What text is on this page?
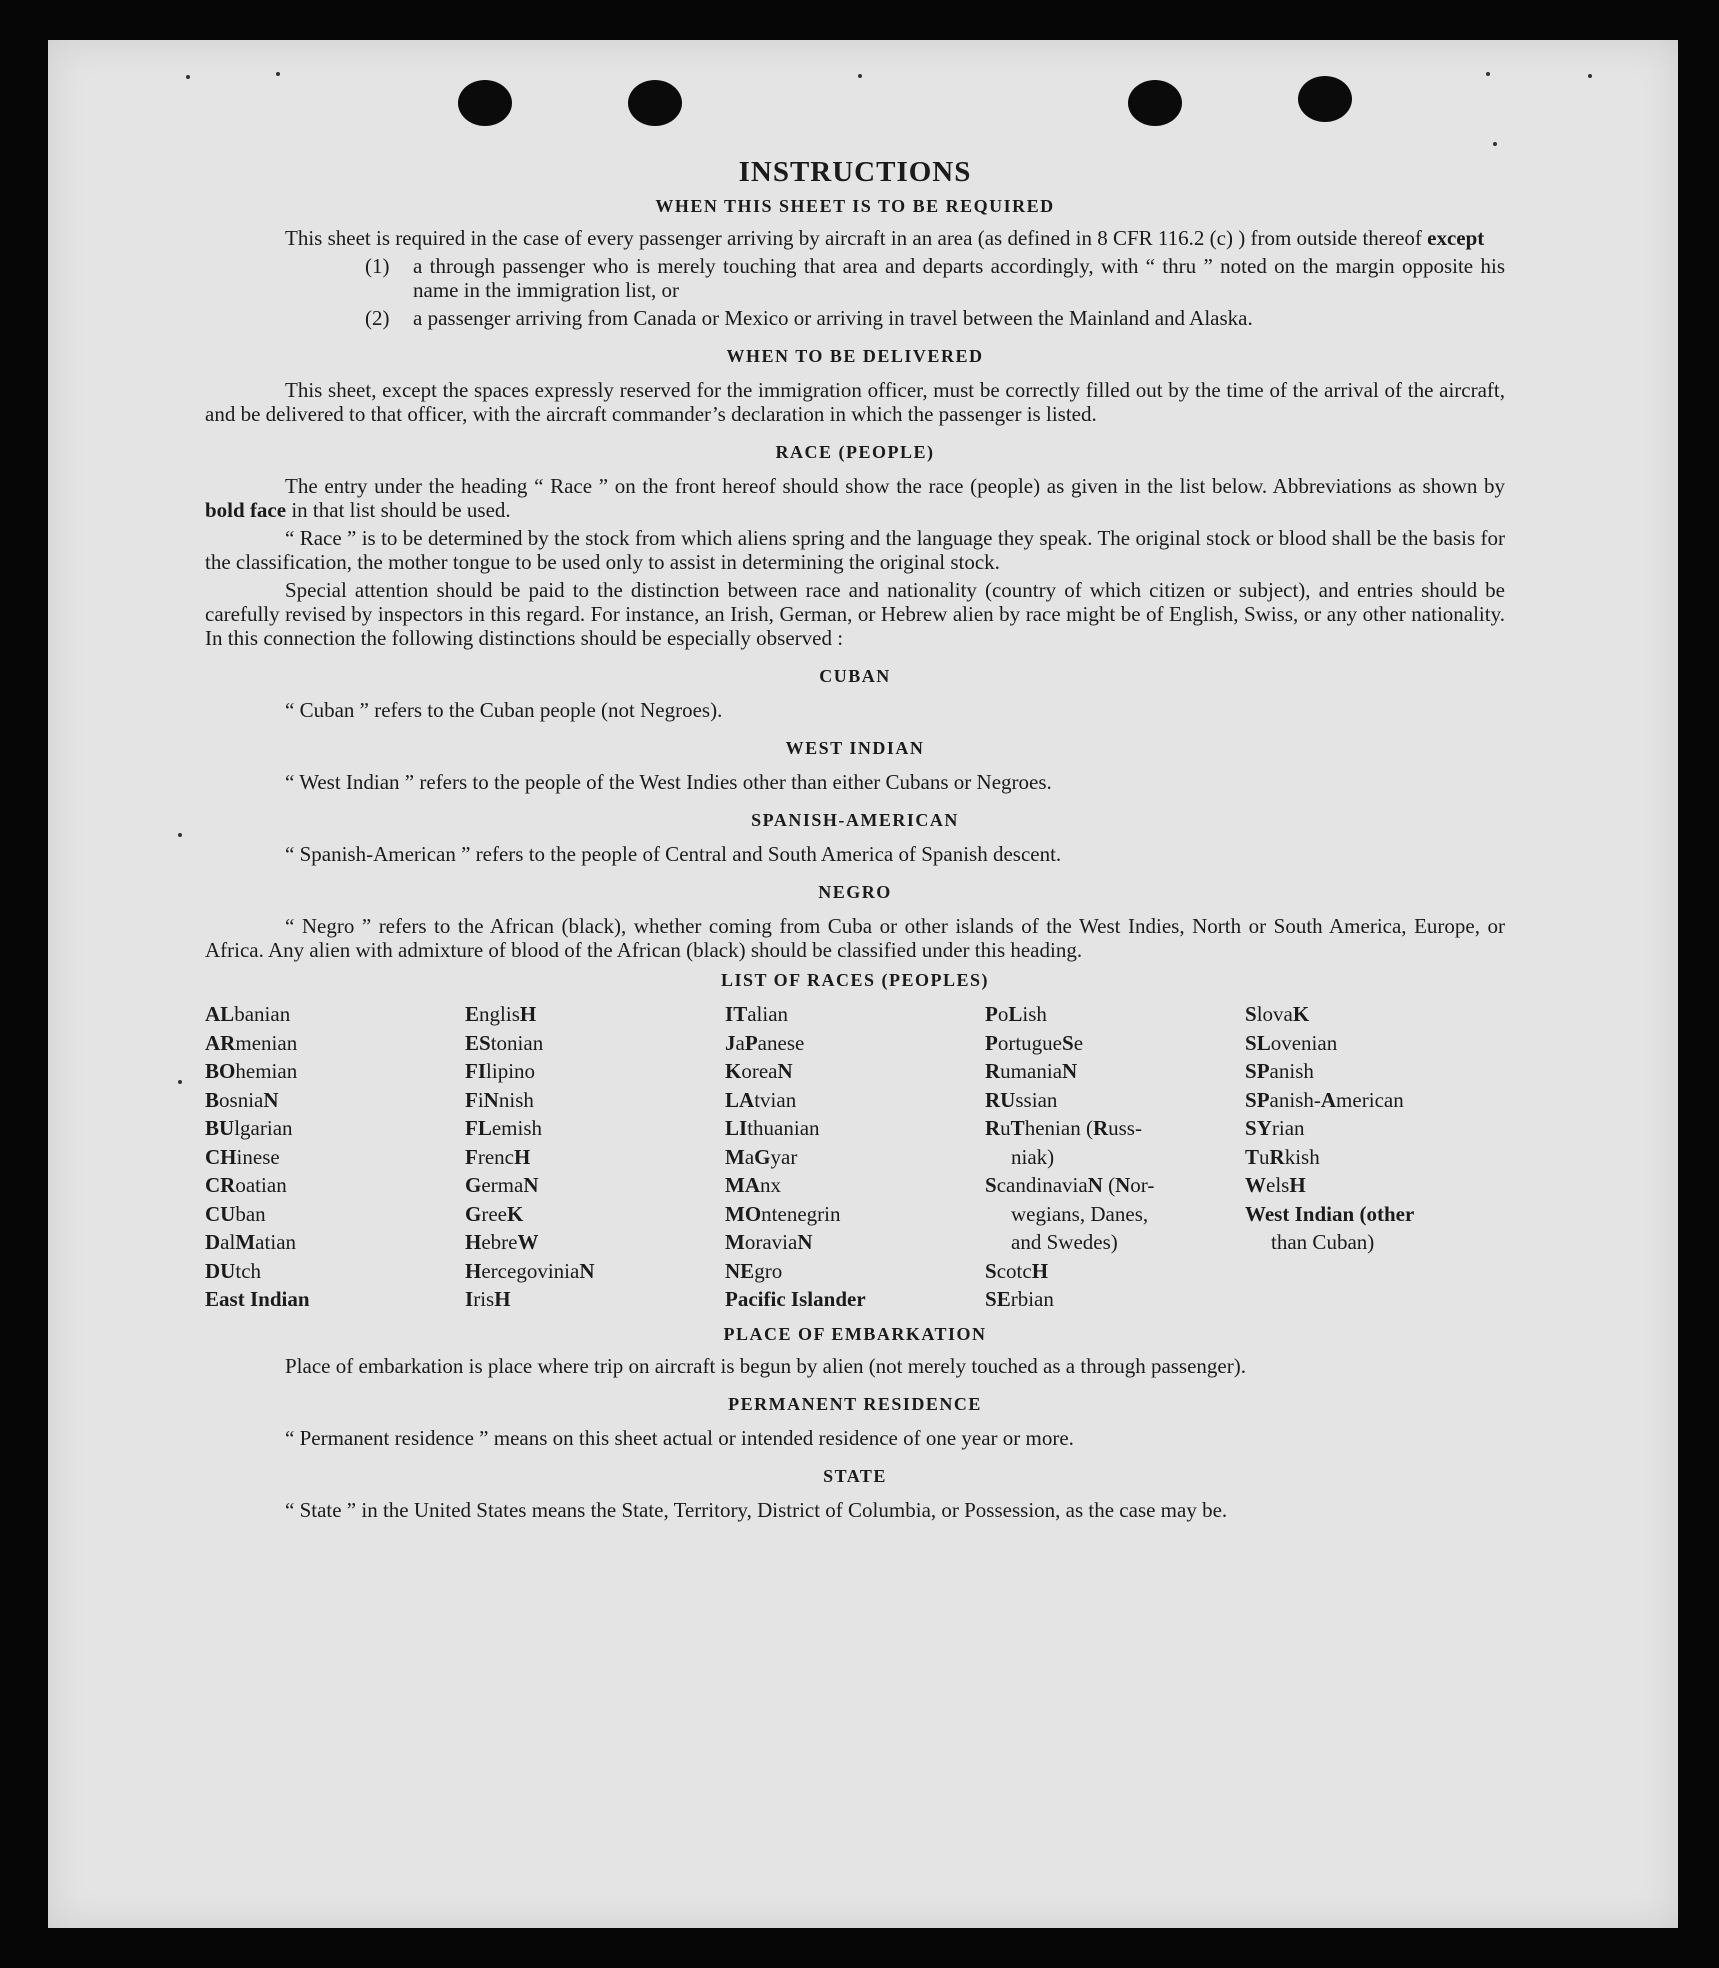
INSTRUCTIONS
WHEN THIS SHEET IS TO BE REQUIRED

This sheet is required in the case of every passenger arriving by aircraft in an area (as defined in 8 CFR 116.2 (c) ) from outside thereof except

(1)	a through passenger who is merely touching that area and departs accordingly, with “ thru ” noted on the margin opposite his name in the immigration list, or
(2)	a passenger arriving from Canada or Mexico or arriving in travel between the Mainland and Alaska.
WHEN TO BE DELIVERED

This sheet, except the spaces expressly reserved for the immigration officer, must be correctly filled out by the time of the arrival of the aircraft, and be delivered to that officer, with the aircraft commander’s declaration in which the passenger is listed.

RACE (PEOPLE)

The entry under the heading “ Race ” on the front hereof should show the race (people) as given in the list below. Abbreviations as shown by bold face in that list should be used.

“ Race ” is to be determined by the stock from which aliens spring and the language they speak. The original stock or blood shall be the basis for the classification, the mother tongue to be used only to assist in determining the original stock.

Special attention should be paid to the distinction between race and nationality (country of which citizen or subject), and entries should be carefully revised by inspectors in this regard. For instance, an Irish, German, or Hebrew alien by race might be of English, Swiss, or any other nationality. In this connection the following distinctions should be especially observed :

CUBAN
“ Cuban ” refers to the Cuban people (not Negroes).
WEST INDIAN
“ West Indian ” refers to the people of the West Indies other than either Cubans or Negroes.
SPANISH-AMERICAN
“ Spanish-American ” refers to the people of Central and South America of Spanish descent.
NEGRO

“ Negro ” refers to the African (black), whether coming from Cuba or other islands of the West Indies, North or South America, Europe, or Africa. Any alien with admixture of blood of the African (black) should be classified under this heading.

LIST OF RACES (PEOPLES)
ALbanian
ARmenian
BOhemian
BosniaN
BUlgarian
CHinese
CRoatian
CUban
DalMatian
DUtch
East Indian
EnglisH
EStonian
FIlipino
FiNnish
FLemish
FrencH
GermaN
GreeK
HebreW
HercegoviniaN
IrisH
ITalian
JaPanese
KoreaN
LAtvian
LIthuanian
MaGyar
MAnx
MOntenegrin
MoraviaN
NEgro
Pacific Islander
PoLish
PortugueSe
RumaniaN
RUssian
RuThenian (Russ-
niak)
ScandinaviaN (Nor-
wegians, Danes,
and Swedes)
ScotcH
SErbian
SlovaK
SLovenian
SPanish
SPanish-American
SYrian
TuRkish
WelsH
West Indian (other
than Cuban)
PLACE OF EMBARKATION

Place of embarkation is place where trip on aircraft is begun by alien (not merely touched as a through passenger).

PERMANENT RESIDENCE
“ Permanent residence ” means on this sheet actual or intended residence of one year or more.
STATE

“ State ” in the United States means the State, Territory, District of Columbia, or Possession, as the case may be.
